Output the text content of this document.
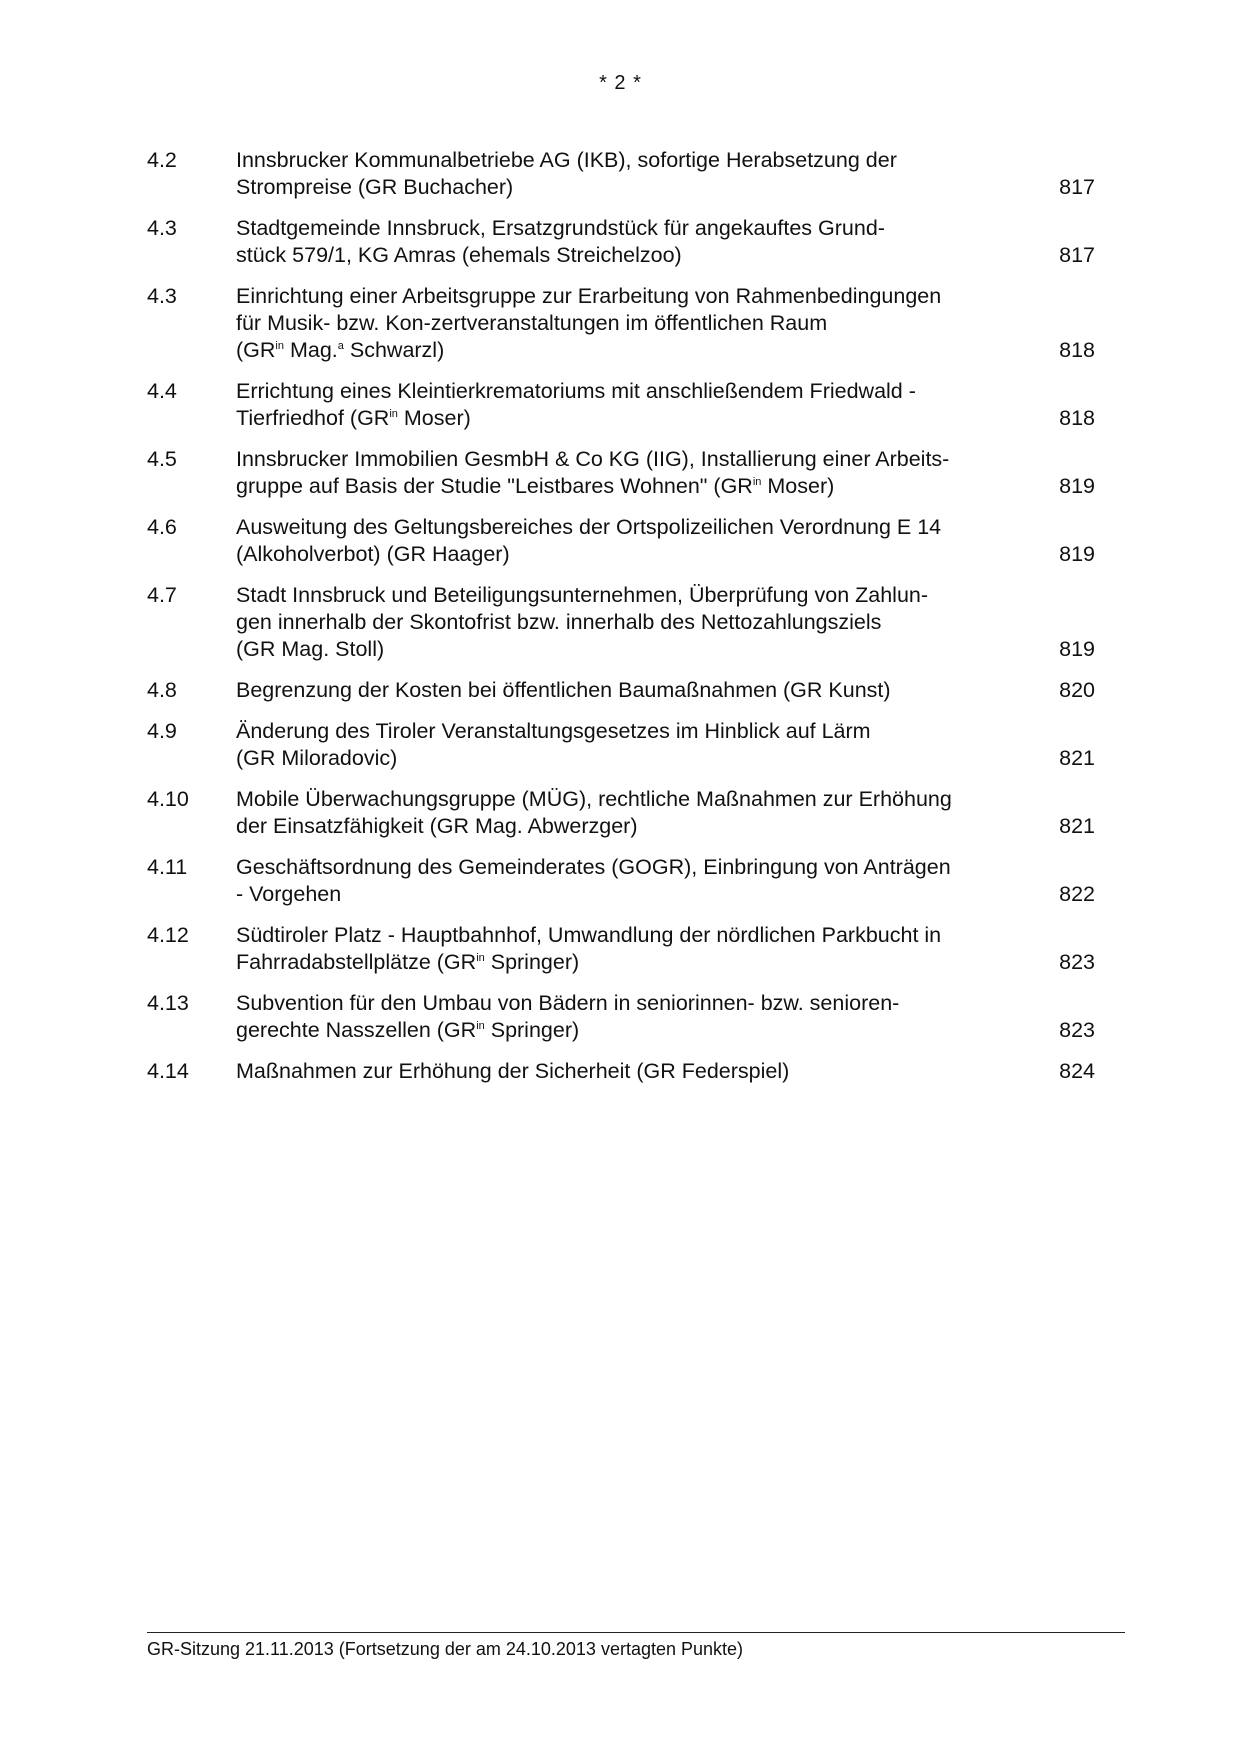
* 2 *
4.2	Innsbrucker Kommunalbetriebe AG (IKB), sofortige Herabsetzung der
Strompreise (GR Buchacher)	817
4.3	Stadtgemeinde Innsbruck, Ersatzgrundstück für angekauftes Grund-
stück 579/1, KG Amras (ehemals Streichelzoo)	817
4.3	Einrichtung einer Arbeitsgruppe zur Erarbeitung von Rahmenbedingungen
für Musik- bzw. Kon-zertveranstaltungen im öffentlichen Raum
($GR^{in}$ Mag.$^a$ Schwarzl)	818
4.4	Errichtung eines Kleintierkrematoriums mit anschließendem Friedwald -
Tierfriedhof ($GR^{in}$ Moser)	818
4.5	Innsbrucker Immobilien GesmbH & Co KG (IIG), Installierung einer Arbeits-
gruppe auf Basis der Studie "Leistbares Wohnen" ($GR^{in}$ Moser)	819
4.6	Ausweitung des Geltungsbereiches der Ortspolizeilichen Verordnung E 14
(Alkoholverbot) (GR Haager)	819
4.7	Stadt Innsbruck und Beteiligungsunternehmen, Überprüfung von Zahlun-
gen innerhalb der Skontofrist bzw. innerhalb des Nettozahlungsziels
(GR Mag. Stoll)	819
4.8	Begrenzung der Kosten bei öffentlichen Baumaßnahmen (GR Kunst)	820
4.9	Änderung des Tiroler Veranstaltungsgesetzes im Hinblick auf Lärm
(GR Miloradovic)	821
4.10	Mobile Überwachungsgruppe (MÜG), rechtliche Maßnahmen zur Erhöhung
der Einsatzfähigkeit (GR Mag. Abwerzger)	821
4.11	Geschäftsordnung des Gemeinderates (GOGR), Einbringung von Anträgen
- Vorgehen	822
4.12	Südtiroler Platz - Hauptbahnhof, Umwandlung der nördlichen Parkbucht in
Fahrradabstellplätze ($GR^{in}$ Springer)	823
4.13	Subvention für den Umbau von Bädern in seniorinnen- bzw. senioren-
gerechte Nasszellen ($GR^{in}$ Springer)	823
4.14	Maßnahmen zur Erhöhung der Sicherheit (GR Federspiel)	824
GR-Sitzung 21.11.2013 (Fortsetzung der am 24.10.2013 vertagten Punkte)
